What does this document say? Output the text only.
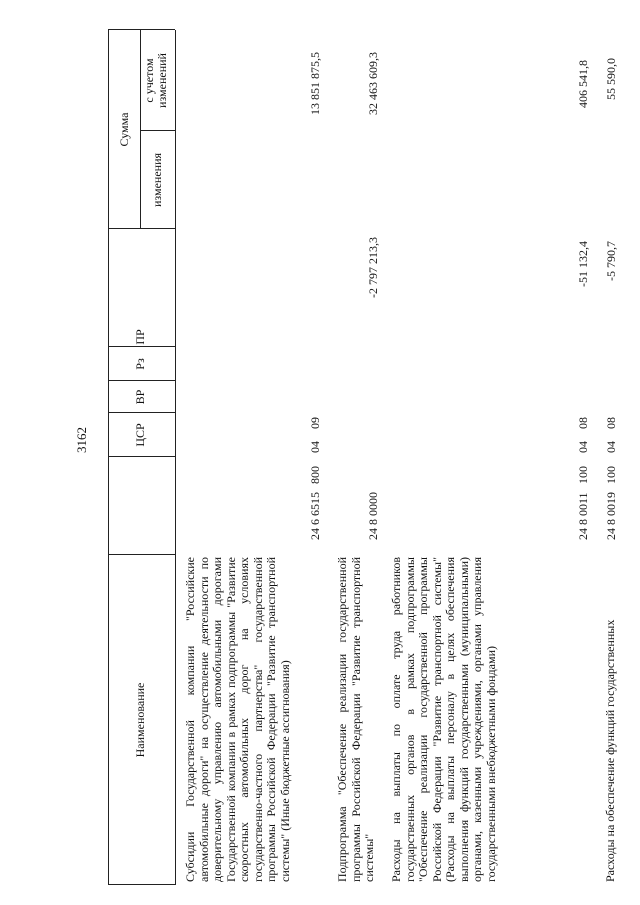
3162
Наименование
ЦСР
ВР
Рз
ПР
Сумма
изменения
с учетом изменений
Субсидии Государственной компании "Российские автомобильные дороги" на осуществление деятельности по доверительному управлению автомобильными дорогами Государственной компании в рамках подпрограммы "Развитие скоростных автомобильных дорог на условиях государственно-частного партнерства" государственной программы Российской Федерации "Развитие транспортной системы" (Иные бюджетные ассигнования)
24 6 6515
800
04
09
13 851 875,5
Подпрограмма "Обеспечение реализации государственной программы Российской Федерации "Развитие транспортной системы"
24 8 0000
-2 797 213,3
32 463 609,3
Расходы на выплаты по оплате труда работников государственных органов в рамках подпрограммы "Обеспечение реализации государственной программы Российской Федерации "Развитие транспортной системы" (Расходы на выплаты персоналу в целях обеспечения выполнения функций государственными (муниципальными) органами, казенными учреждениями, органами управления государственными внебюджетными фондами)
24 8 0011
100
04
08
-51 132,4
406 541,8
Расходы на обеспечение функций государственных
24 8 0019
100
04
08
-5 790,7
55 590,0
